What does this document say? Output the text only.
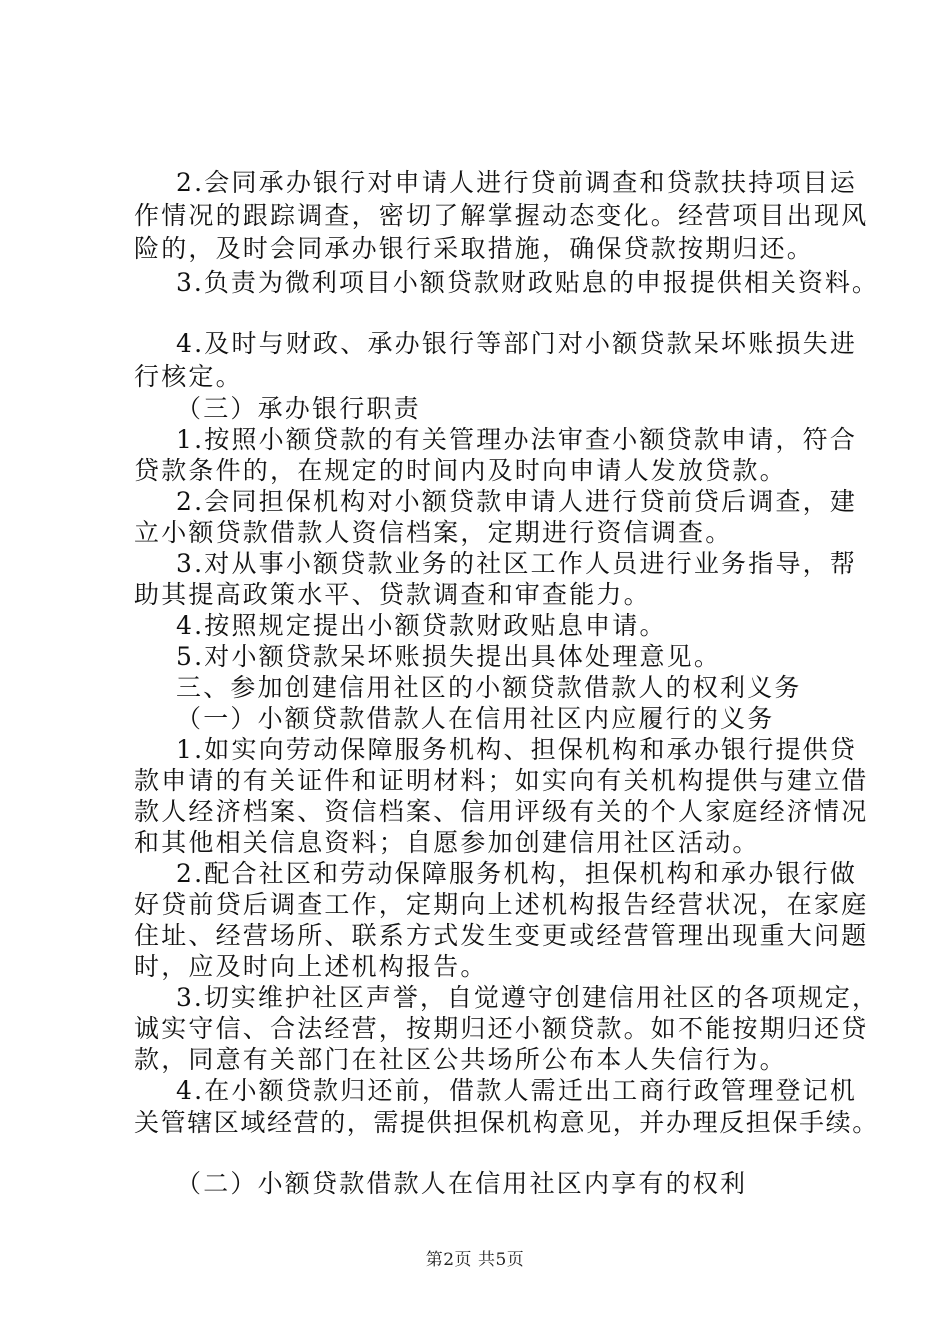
2.会同承办银行对申请人进行贷前调查和贷款扶持项目运
作情况的跟踪调查，密切了解掌握动态变化。经营项目出现风
险的，及时会同承办银行采取措施，确保贷款按期归还。
3.负责为微利项目小额贷款财政贴息的申报提供相关资料。
4.及时与财政、承办银行等部门对小额贷款呆坏账损失进
行核定。
（三）承办银行职责
1.按照小额贷款的有关管理办法审查小额贷款申请，符合
贷款条件的，在规定的时间内及时向申请人发放贷款。
2.会同担保机构对小额贷款申请人进行贷前贷后调查，建
立小额贷款借款人资信档案，定期进行资信调查。
3.对从事小额贷款业务的社区工作人员进行业务指导，帮
助其提高政策水平、贷款调查和审查能力。
4.按照规定提出小额贷款财政贴息申请。
5.对小额贷款呆坏账损失提出具体处理意见。
三、参加创建信用社区的小额贷款借款人的权利义务
（一）小额贷款借款人在信用社区内应履行的义务
1.如实向劳动保障服务机构、担保机构和承办银行提供贷
款申请的有关证件和证明材料；如实向有关机构提供与建立借
款人经济档案、资信档案、信用评级有关的个人家庭经济情况
和其他相关信息资料；自愿参加创建信用社区活动。
2.配合社区和劳动保障服务机构，担保机构和承办银行做
好贷前贷后调查工作，定期向上述机构报告经营状况，在家庭
住址、经营场所、联系方式发生变更或经营管理出现重大问题
时，应及时向上述机构报告。
3.切实维护社区声誉，自觉遵守创建信用社区的各项规定，
诚实守信、合法经营，按期归还小额贷款。如不能按期归还贷
款，同意有关部门在社区公共场所公布本人失信行为。
4.在小额贷款归还前，借款人需迁出工商行政管理登记机
关管辖区域经营的，需提供担保机构意见，并办理反担保手续。
（二）小额贷款借款人在信用社区内享有的权利
第2页 共5页
